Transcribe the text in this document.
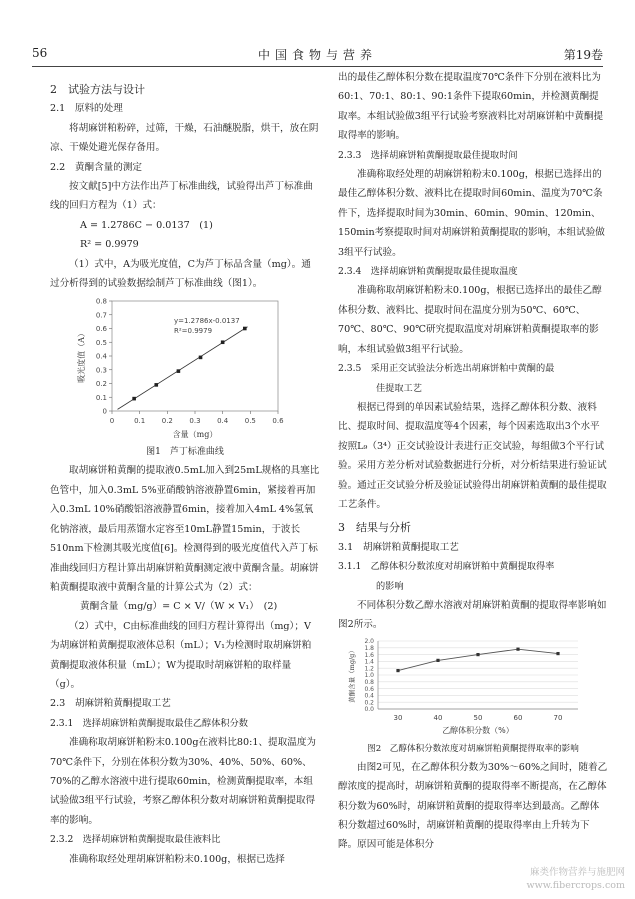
56	中国食物与营养	第19卷

2　试验方法与设计

2.1　原料的处理

将胡麻饼粕粉碎，过筛，干燥，石油醚脱脂，烘干，放在阴凉、干燥处避光保存备用。

2.2　黄酮含量的测定

按文献[5]中方法作出芦丁标准曲线，试验得出芦丁标准曲线的回归方程为（1）式：

A = 1.2786C − 0.0137　(1)

R² = 0.9979

（1）式中，A为吸光度值，C为芦丁标品含量（mg）。通过分析得到的试验数据绘制芦丁标准曲线（图1）。

0	0.1 0.2 0.3 0.4 0.5 0.6
0
0.1
0.2
0.3
0.4
0.5
0.6
0.7
0.8
y=1.2786x-0.0137
R²=0.9979
含量（mg）
吸光度值（A）

图1　芦丁标准曲线

取胡麻饼粕黄酮的提取液0.5mL加入到25mL规格的具塞比色管中，加入0.3mL 5%亚硝酸钠溶液静置6min，紧接着再加入0.3mL 10%硝酸铝溶液静置6min，接着加入4mL 4%氢氧化钠溶液，最后用蒸馏水定容至10mL静置15min，于波长510nm下检测其吸光度值[6]。检测得到的吸光度值代入芦丁标准曲线回归方程计算出胡麻饼粕黄酮测定液中黄酮含量。胡麻饼粕黄酮提取液中黄酮含量的计算公式为（2）式：

黄酮含量（mg/g）= C × V/（W × V₁）　(2)

（2）式中，C由标准曲线的回归方程计算得出（mg）；V为胡麻饼粕黄酮提取液体总积（mL）；V₁为检测时取胡麻饼粕黄酮提取液体积量（mL）；W为提取时胡麻饼粕的取样量（g）。

2.3　胡麻饼粕黄酮提取工艺

2.3.1　选择胡麻饼粕黄酮提取最佳乙醇体积分数

准确称取胡麻饼粕粉末0.100g在液料比80:1、提取温度为70℃条件下，分别在体积分数为30%、40%、50%、60%、70%的乙醇水溶液中进行提取60min，检测黄酮提取率，本组试验做3组平行试验，考察乙醇体积分数对胡麻饼粕黄酮提取得率的影响。

2.3.2　选择胡麻饼粕黄酮提取最佳液料比

准确称取经处理胡麻饼粕粉末0.100g，根据已选择

出的最佳乙醇体积分数在提取温度70℃条件下分别在液料比为60:1、70:1、80:1、90:1条件下提取60min，并检测黄酮提取率。本组试验做3组平行试验考察液料比对胡麻饼粕中黄酮提取得率的影响。

2.3.3　选择胡麻饼粕黄酮提取最佳提取时间

准确称取经处理的胡麻饼粕粉末0.100g，根据已选择出的最佳乙醇体积分数、液料比在提取时间60min、温度为70℃条件下，选择提取时间为30min、60min、90min、120min、150min考察提取时间对胡麻饼粕黄酮提取的影响，本组试验做3组平行试验。

2.3.4　选择胡麻饼粕黄酮提取最佳提取温度

准确称取胡麻饼粕粉末0.100g，根据已选择出的最佳乙醇体积分数、液料比、提取时间在温度分别为50℃、60℃、70℃、80℃、90℃研究提取温度对胡麻饼粕黄酮提取率的影响，本组试验做3组平行试验。

2.3.5　采用正交试验法分析选出胡麻饼粕中黄酮的最

佳提取工艺

根据已得到的单因素试验结果，选择乙醇体积分数、液料比、提取时间、提取温度等4个因素，每个因素选取出3个水平按照L₉（3⁴）正交试验设计表进行正交试验，每组做3个平行试验。采用方差分析对试验数据进行分析，对分析结果进行验证试验。通过正交试验分析及验证试验得出胡麻饼粕黄酮的最佳提取工艺条件。

3　结果与分析

3.1　胡麻饼粕黄酮提取工艺

3.1.1　乙醇体积分数浓度对胡麻饼粕中黄酮提取得率

的影响

不同体积分数乙醇水溶液对胡麻饼粕黄酮的提取得率影响如图2所示。

0.0
0.2
0.4
0.6
0.8
1.0
1.2
1.4
1.6
1.8
2.0
30	40	50	60	70
乙醇体积分数（%）
黄酮含量（mg/g）

图2　乙醇体积分数浓度对胡麻饼粕黄酮提得取率的影响

由图2可见，在乙醇体积分数为30%～60%之间时，随着乙醇浓度的提高时，胡麻饼粕黄酮的提取得率不断提高，在乙醇体积分数为60%时，胡麻饼粕黄酮的提取得率达到最高。乙醇体积分数超过60%时，胡麻饼粕黄酮的提取得率由上升转为下降。原因可能是体积分

麻类作物营养与施肥网
www.fibercrops.com
